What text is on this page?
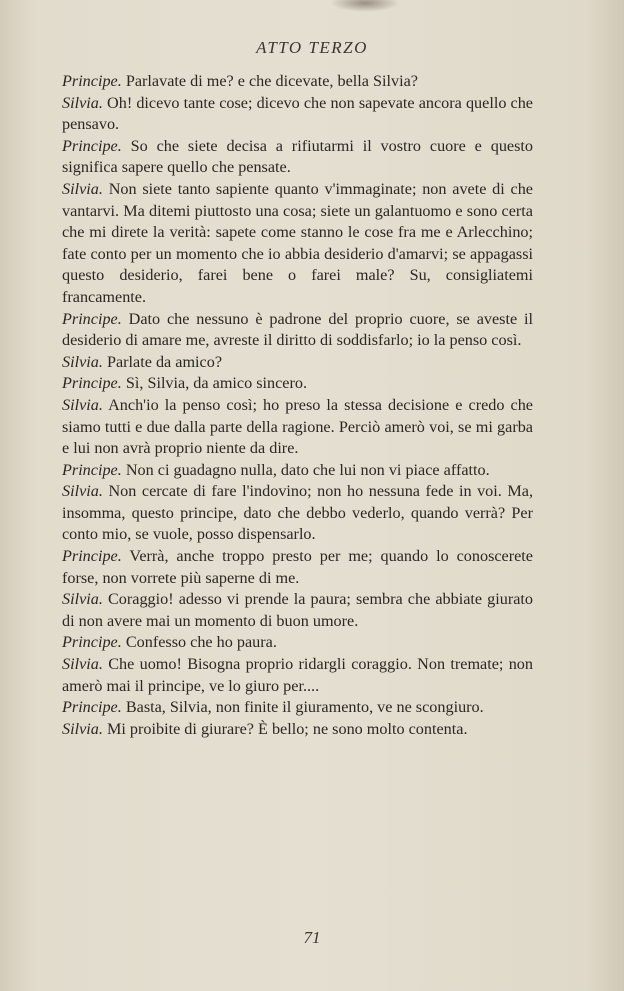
ATTO TERZO

Principe. Parlavate di me? e che dicevate, bella Silvia?

Silvia. Oh! dicevo tante cose; dicevo che non sapevate ancora quello che pensavo.

Principe. So che siete decisa a rifiutarmi il vostro cuore e questo significa sapere quello che pensate.

Silvia. Non siete tanto sapiente quanto v'immaginate; non avete di che vantarvi. Ma ditemi piuttosto una cosa; siete un galantuomo e sono certa che mi direte la verità: sapete come stanno le cose fra me e Arlecchino; fate conto per un momento che io abbia desiderio d'amarvi; se appagassi questo desiderio, farei bene o farei male? Su, consigliatemi francamente.

Principe. Dato che nessuno è padrone del proprio cuore, se aveste il desiderio di amare me, avreste il diritto di soddisfarlo; io la penso così.

Silvia. Parlate da amico?

Principe. Sì, Silvia, da amico sincero.

Silvia. Anch'io la penso così; ho preso la stessa decisione e credo che siamo tutti e due dalla parte della ragione. Perciò amerò voi, se mi garba e lui non avrà proprio niente da dire.

Principe. Non ci guadagno nulla, dato che lui non vi piace affatto.

Silvia. Non cercate di fare l'indovino; non ho nessuna fede in voi. Ma, insomma, questo principe, dato che debbo vederlo, quando verrà? Per conto mio, se vuole, posso dispensarlo.

Principe. Verrà, anche troppo presto per me; quando lo conoscerete forse, non vorrete più saperne di me.

Silvia. Coraggio! adesso vi prende la paura; sembra che abbiate giurato di non avere mai un momento di buon umore.

Principe. Confesso che ho paura.

Silvia. Che uomo! Bisogna proprio ridargli coraggio. Non tremate; non amerò mai il principe, ve lo giuro per....

Principe. Basta, Silvia, non finite il giuramento, ve ne scongiuro.

Silvia. Mi proibite di giurare? È bello; ne sono molto contenta.

71
